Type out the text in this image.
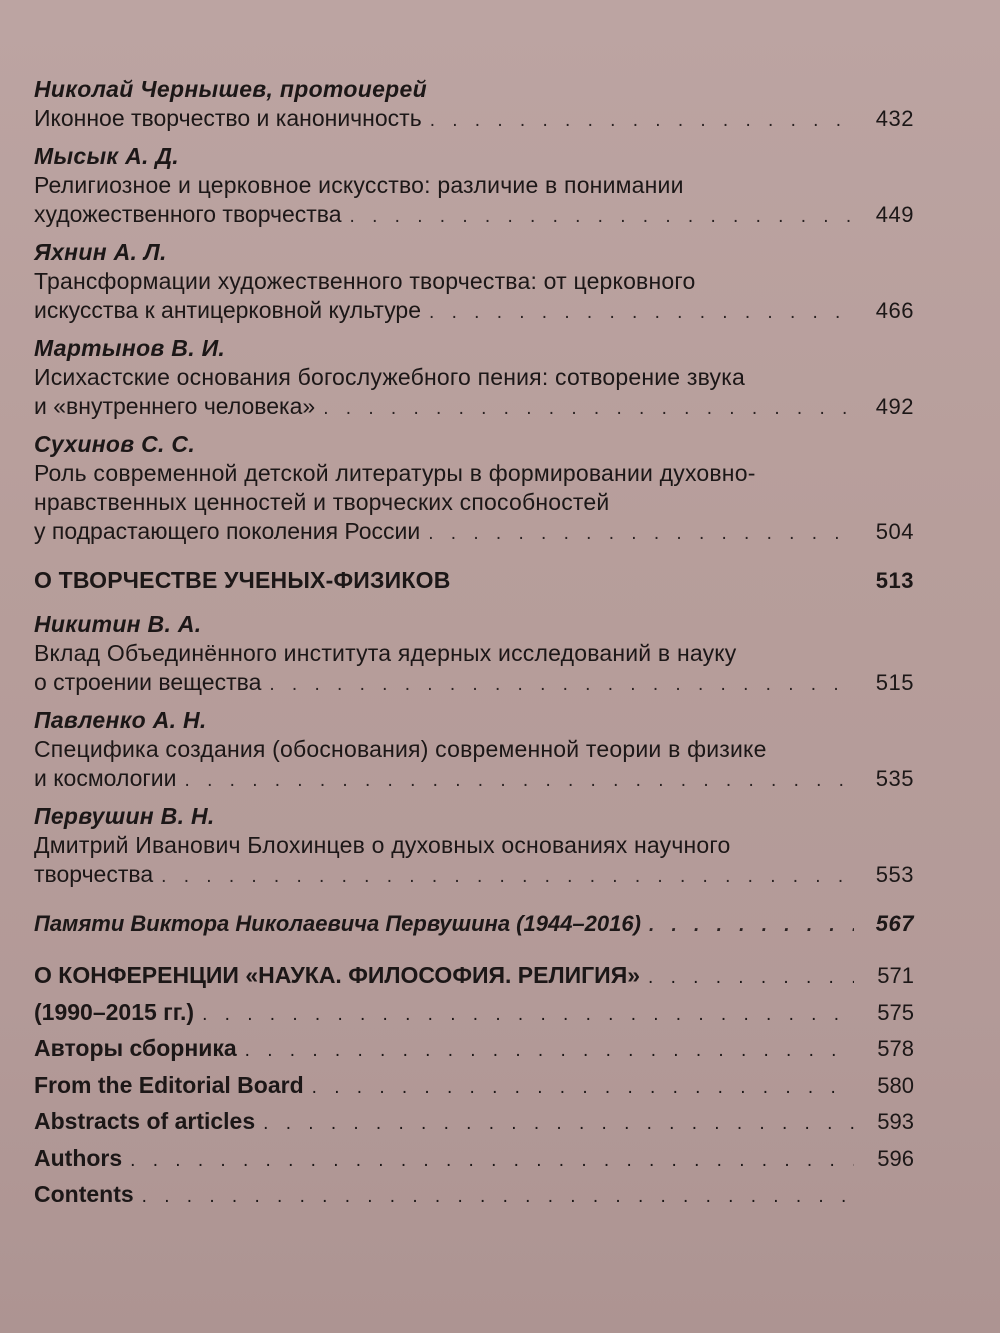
Николай Чернышев, протоиерей
Иконное творчество и каноничность . . .	432
Мысык А. Д.
Религиозное и церковное искусство: различие в понимании
художественного творчества . . .	449
Яхнин А. Л.
Трансформации художественного творчества: от церковного
искусства к антицерковной культуре . . .	466
Мартынов В. И.
Исихастские основания богослужебного пения: сотворение звука
и «внутреннего человека» . . .	492
Сухинов С. С.
Роль современной детской литературы в формировании духовно-
нравственных ценностей и творческих способностей
у подрастающего поколения России . . .	504
О ТВОРЧЕСТВЕ УЧЕНЫХ-ФИЗИКОВ	513
Никитин В. А.
Вклад Объединённого института ядерных исследований в науку
о строении вещества . . .	515
Павленко А. Н.
Специфика создания (обоснования) современной теории в физике
и космологии . . .	535
Первушин В. Н.
Дмитрий Иванович Блохинцев о духовных основаниях научного
творчества . . .	553
Памяти Виктора Николаевича Первушина (1944–2016) . . .	567
О КОНФЕРЕНЦИИ «НАУКА. ФИЛОСОФИЯ. РЕЛИГИЯ» . . .	571
(1990–2015 гг.) . . .	575
Авторы сборника . . .	578
From the Editorial Board . . .	580
Abstracts of articles . . .	593
Authors . . .	596
Contents
. . .
